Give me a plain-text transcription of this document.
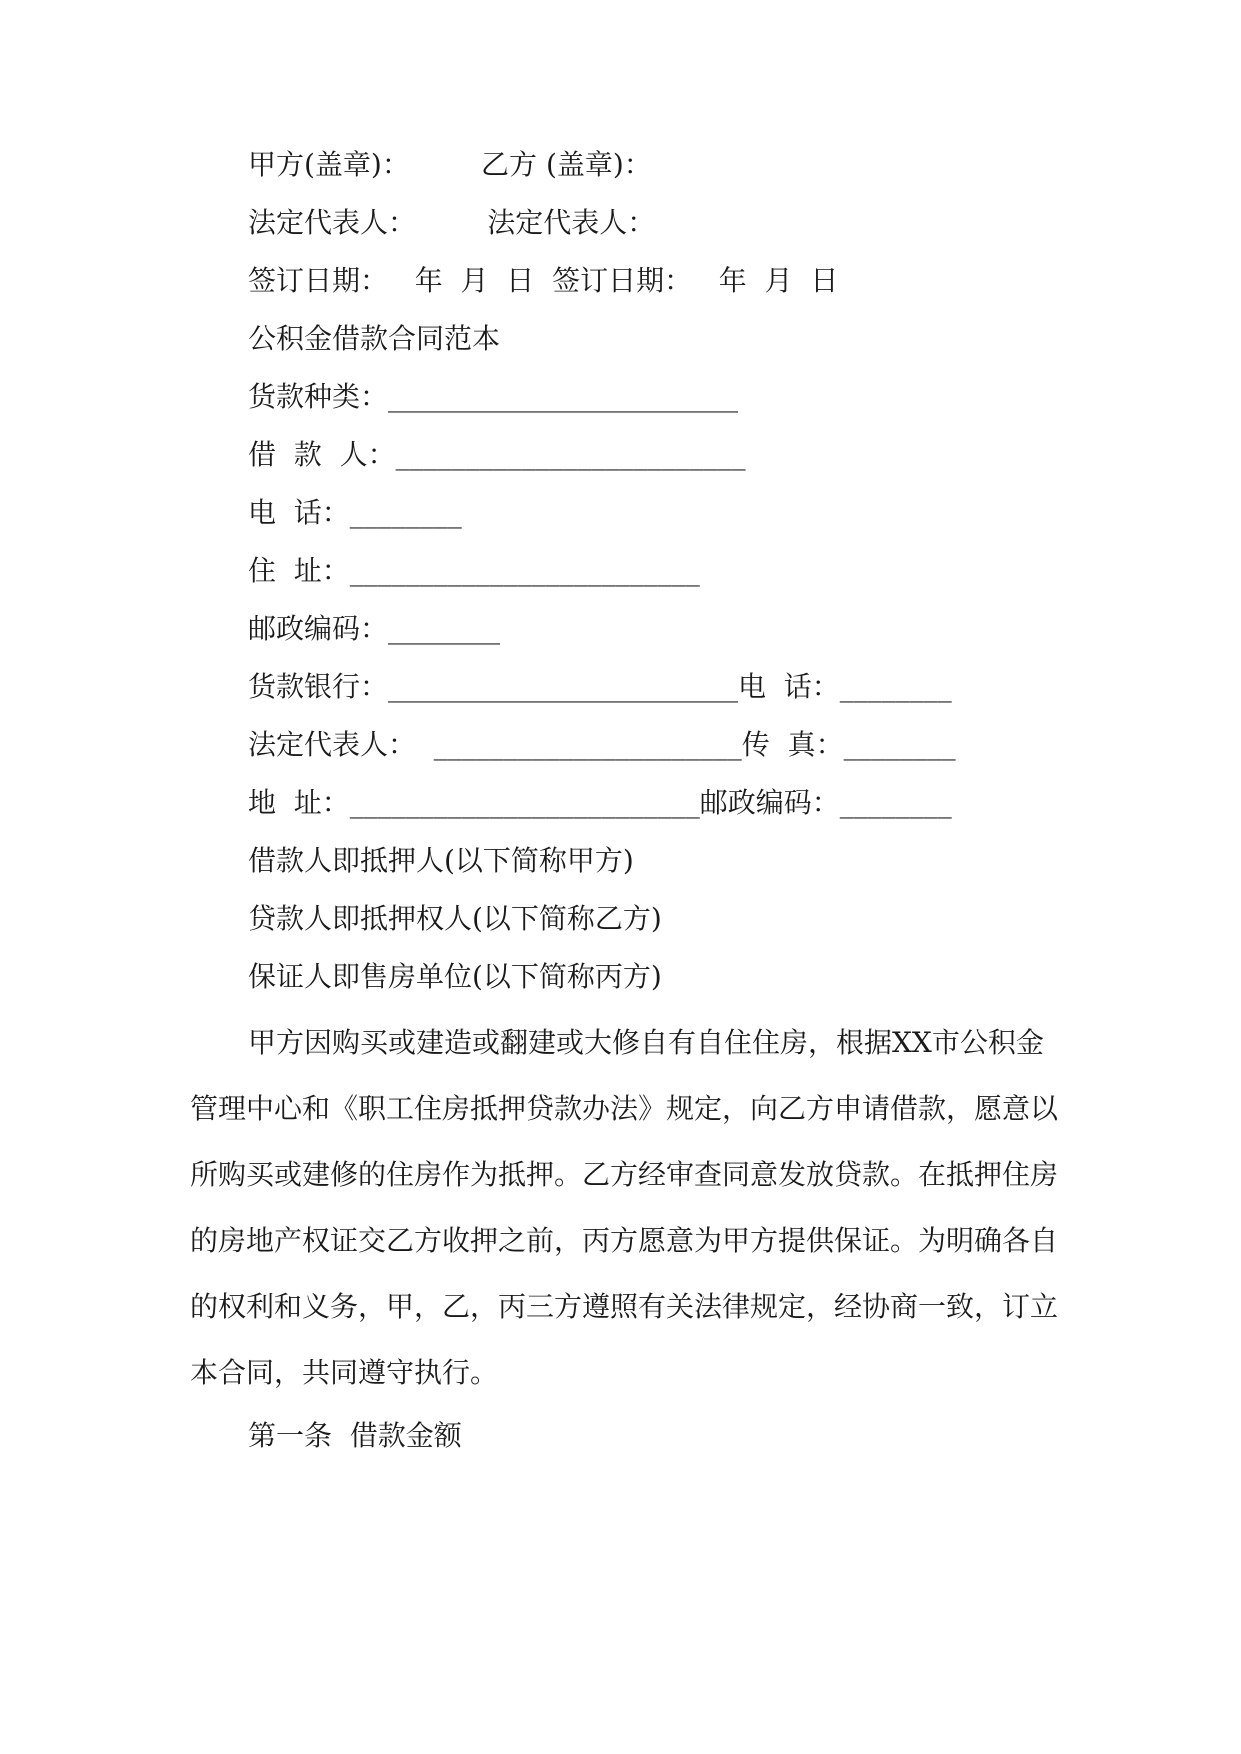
甲方(盖章)：        乙方 (盖章)：
法定代表人：        法定代表人：
签订日期：   年  月  日  签订日期：   年  月  日
公积金借款合同范本
货款种类：_________________________
借  款  人：_________________________
电  话：________
住  址：_________________________
邮政编码：________
货款银行：_________________________电  话：________
法定代表人：  ______________________传  真：________
地  址：_________________________邮政编码：________
借款人即抵押人(以下简称甲方)
贷款人即抵押权人(以下简称乙方)
保证人即售房单位(以下简称丙方)
甲方因购买或建造或翻建或大修自有自住住房，根据XX市公积金管理中心和《职工住房抵押贷款办法》规定，向乙方申请借款，愿意以所购买或建修的住房作为抵押。乙方经审查同意发放贷款。在抵押住房的房地产权证交乙方收押之前，丙方愿意为甲方提供保证。为明确各自的权利和义务，甲，乙，丙三方遵照有关法律规定，经协商一致，订立本合同，共同遵守执行。
第一条  借款金额
